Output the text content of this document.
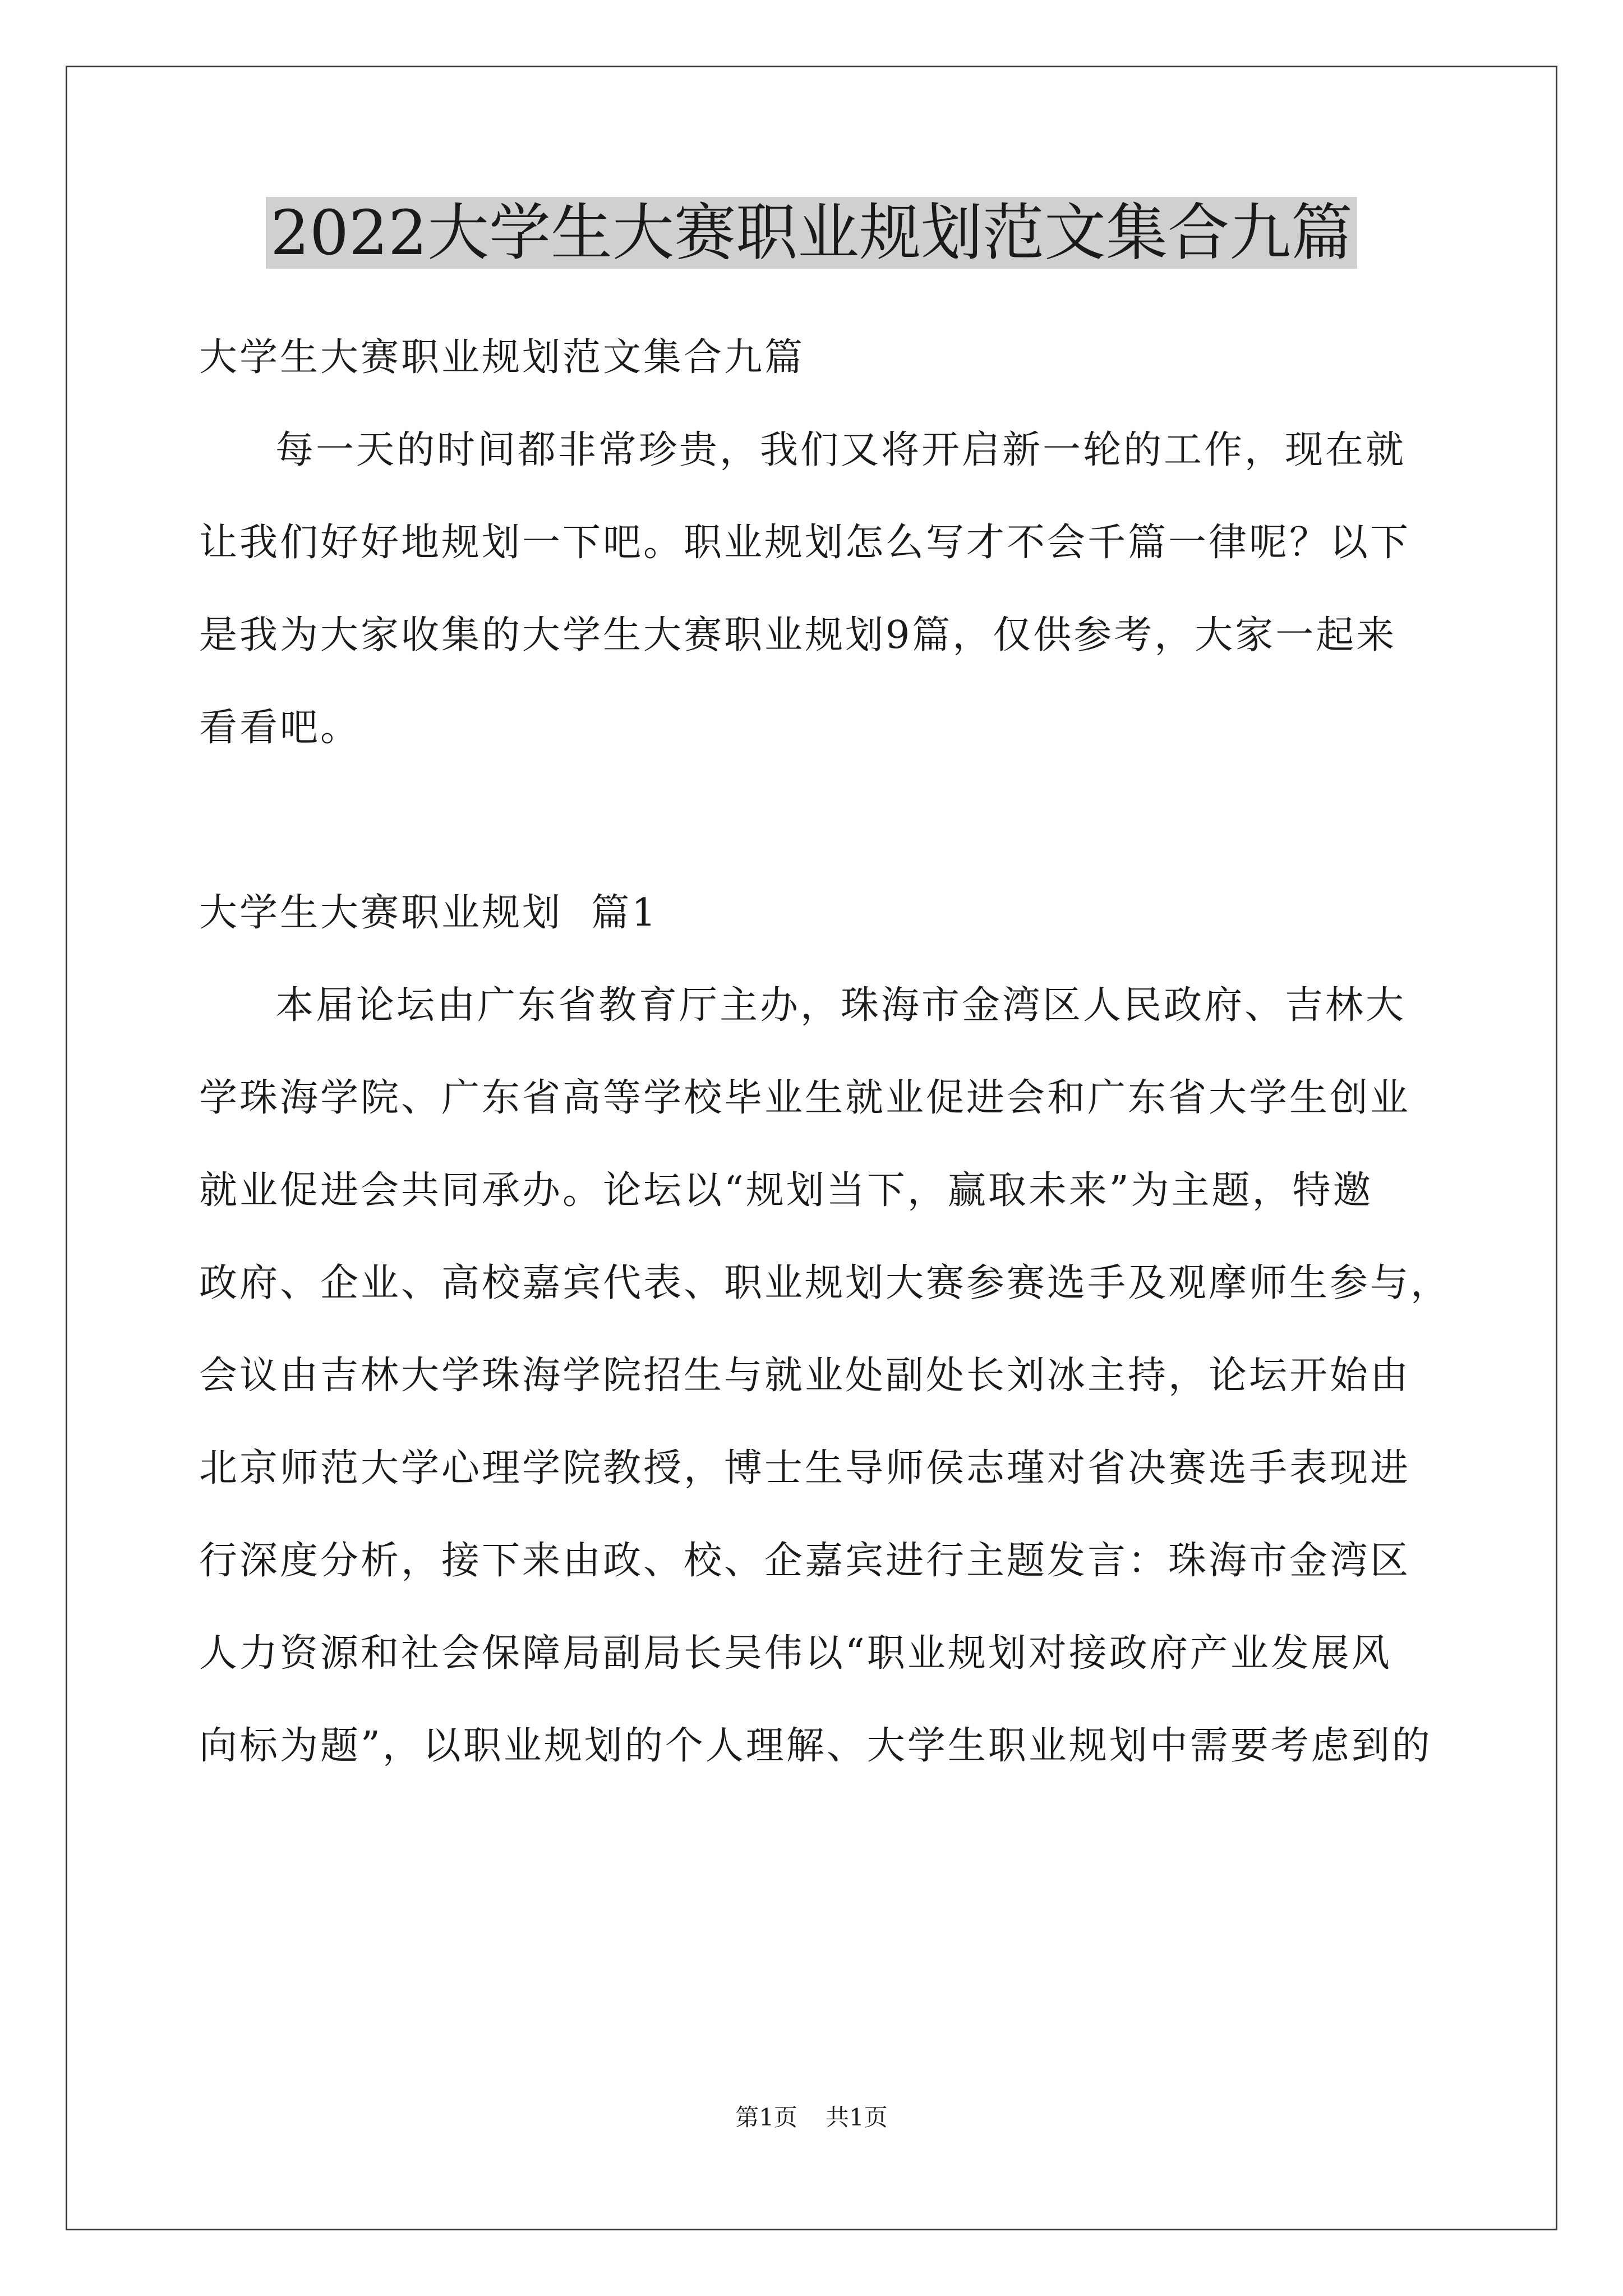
2022大学生大赛职业规划范文集合九篇
大学生大赛职业规划范文集合九篇
每一天的时间都非常珍贵，我们又将开启新一轮的工作，现在就
让我们好好地规划一下吧。职业规划怎么写才不会千篇一律呢？以下
是我为大家收集的大学生大赛职业规划9篇，仅供参考，大家一起来
看看吧。
大学生大赛职业规划  篇1
本届论坛由广东省教育厅主办，珠海市金湾区人民政府、吉林大
学珠海学院、广东省高等学校毕业生就业促进会和广东省大学生创业
就业促进会共同承办。论坛以“规划当下，赢取未来”为主题，特邀
政府、企业、高校嘉宾代表、职业规划大赛参赛选手及观摩师生参与，
会议由吉林大学珠海学院招生与就业处副处长刘冰主持，论坛开始由
北京师范大学心理学院教授，博士生导师侯志瑾对省决赛选手表现进
行深度分析，接下来由政、校、企嘉宾进行主题发言：珠海市金湾区
人力资源和社会保障局副局长吴伟以“职业规划对接政府产业发展风
向标为题”，以职业规划的个人理解、大学生职业规划中需要考虑到的
第1页 共1页
